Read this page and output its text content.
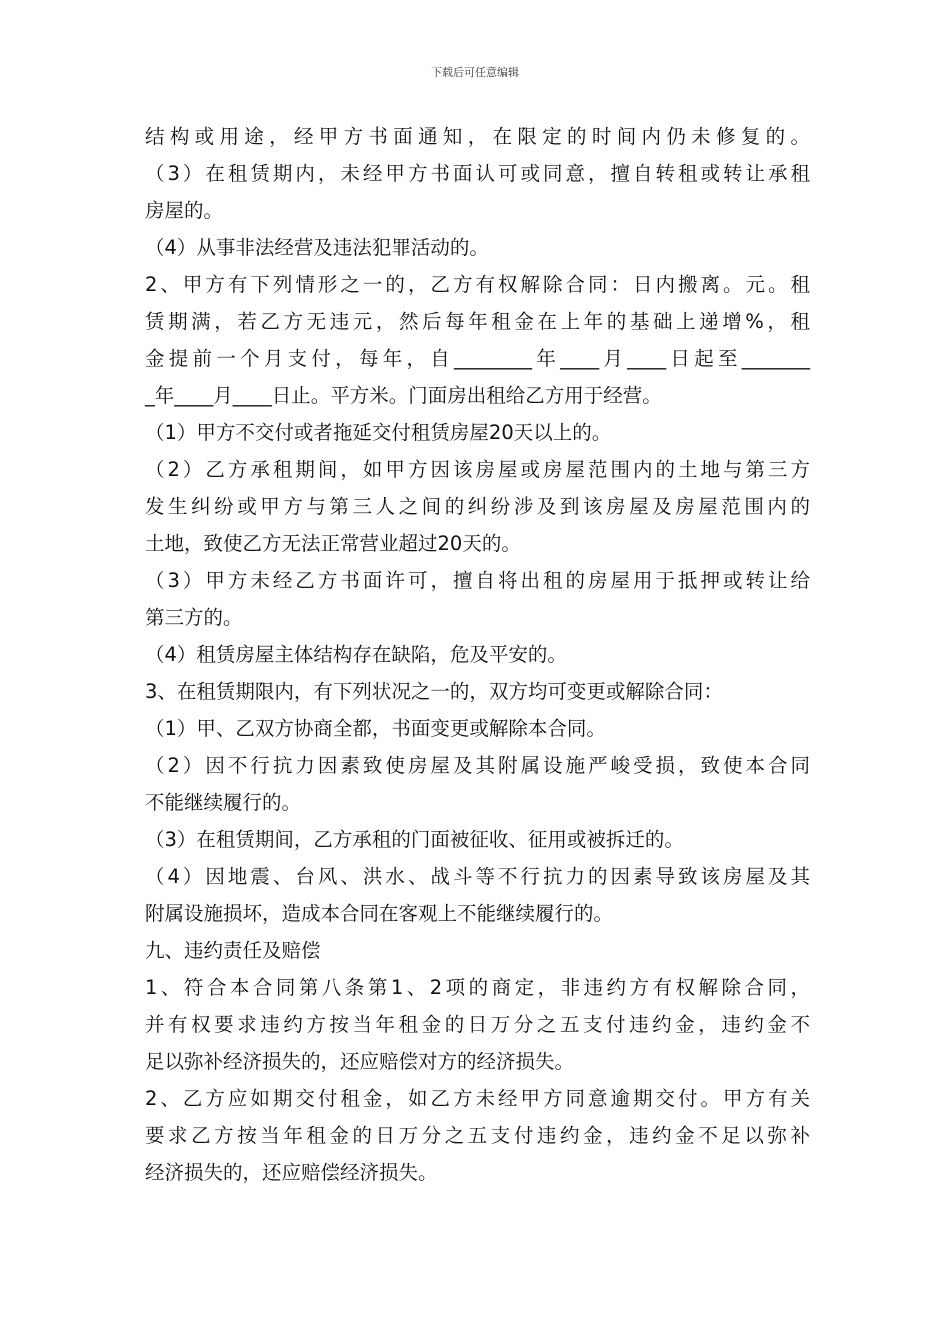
下载后可任意编辑
结构或用途，经甲方书面通知，在限定的时间内仍未修复的。
（3）在租赁期内，未经甲方书面认可或同意，擅自转租或转让承租
房屋的。
（4）从事非法经营及违法犯罪活动的。
2、甲方有下列情形之一的，乙方有权解除合同：日内搬离。元。租
赁期满，若乙方无违元，然后每年租金在上年的基础上递增%，租
金提前一个月支付，每年，自________年____月____日起至_______
_年____月____日止。平方米。门面房出租给乙方用于经营。
（1）甲方不交付或者拖延交付租赁房屋20天以上的。
（2）乙方承租期间，如甲方因该房屋或房屋范围内的土地与第三方
发生纠纷或甲方与第三人之间的纠纷涉及到该房屋及房屋范围内的
土地，致使乙方无法正常营业超过20天的。
（3）甲方未经乙方书面许可，擅自将出租的房屋用于抵押或转让给
第三方的。
（4）租赁房屋主体结构存在缺陷，危及平安的。
3、在租赁期限内，有下列状况之一的，双方均可变更或解除合同：
（1）甲、乙双方协商全都，书面变更或解除本合同。
（2）因不行抗力因素致使房屋及其附属设施严峻受损，致使本合同
不能继续履行的。
（3）在租赁期间，乙方承租的门面被征收、征用或被拆迁的。
（4）因地震、台风、洪水、战斗等不行抗力的因素导致该房屋及其
附属设施损坏，造成本合同在客观上不能继续履行的。
九、违约责任及赔偿
1、符合本合同第八条第1、2项的商定，非违约方有权解除合同，
并有权要求违约方按当年租金的日万分之五支付违约金，违约金不
足以弥补经济损失的，还应赔偿对方的经济损失。
2、乙方应如期交付租金，如乙方未经甲方同意逾期交付。甲方有关
要求乙方按当年租金的日万分之五支付违约金，违约金不足以弥补
经济损失的，还应赔偿经济损失。
